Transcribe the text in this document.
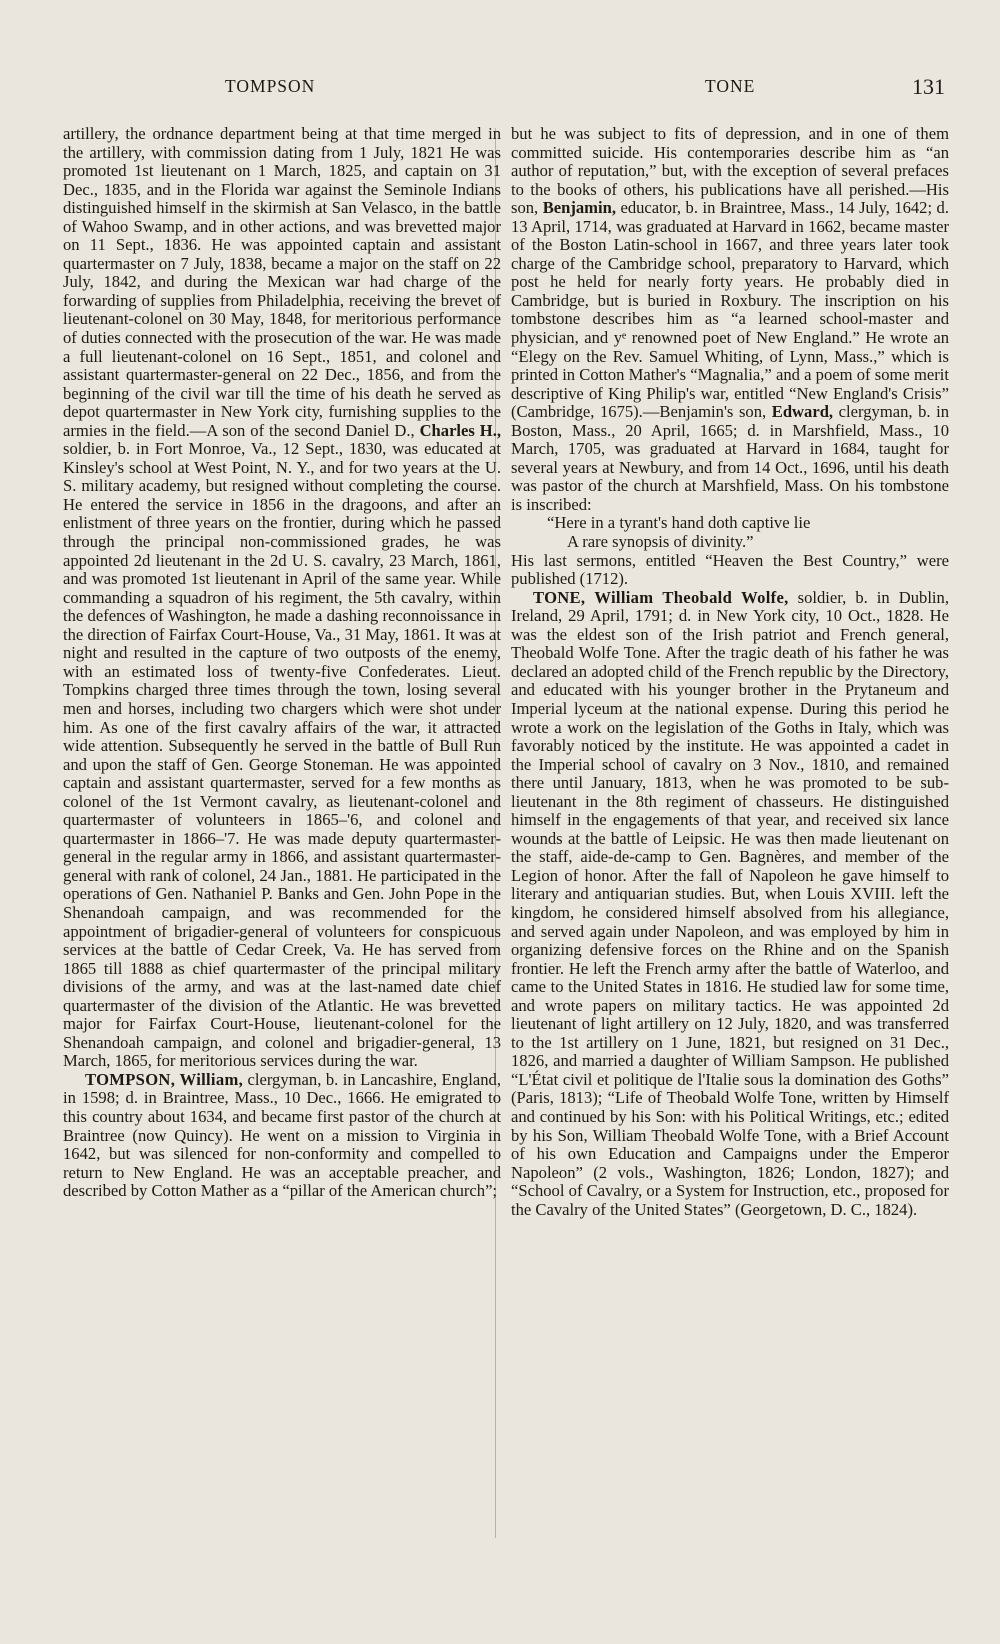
TOMPSON	TONE	131

artillery, the ordnance department being at that time merged in the artillery, with commission dating from 1 July, 1821 He was promoted 1st lieutenant on 1 March, 1825, and captain on 31 Dec., 1835, and in the Florida war against the Seminole Indians distinguished himself in the skirmish at San Velasco, in the battle of Wahoo Swamp, and in other actions, and was brevetted major on 11 Sept., 1836. He was appointed captain and assistant quartermaster on 7 July, 1838, became a major on the staff on 22 July, 1842, and during the Mexican war had charge of the forwarding of supplies from Philadelphia, receiving the brevet of lieutenant-colonel on 30 May, 1848, for meritorious performance of duties connected with the prosecution of the war. He was made a full lieutenant-colonel on 16 Sept., 1851, and colonel and assistant quartermaster-general on 22 Dec., 1856, and from the beginning of the civil war till the time of his death he served as depot quartermaster in New York city, furnishing supplies to the armies in the field.—A son of the second Daniel D., Charles H., soldier, b. in Fort Monroe, Va., 12 Sept., 1830, was educated at Kinsley's school at West Point, N. Y., and for two years at the U. S. military academy, but resigned without completing the course. He entered the service in 1856 in the dragoons, and after an enlistment of three years on the frontier, during which he passed through the principal non-commissioned grades, he was appointed 2d lieutenant in the 2d U. S. cavalry, 23 March, 1861, and was promoted 1st lieutenant in April of the same year. While commanding a squadron of his regiment, the 5th cavalry, within the defences of Washington, he made a dashing reconnoissance in the direction of Fairfax Court-House, Va., 31 May, 1861. It was at night and resulted in the capture of two outposts of the enemy, with an estimated loss of twenty-five Confederates. Lieut. Tompkins charged three times through the town, losing several men and horses, including two chargers which were shot under him. As one of the first cavalry affairs of the war, it attracted wide attention. Subsequently he served in the battle of Bull Run and upon the staff of Gen. George Stoneman. He was appointed captain and assistant quartermaster, served for a few months as colonel of the 1st Vermont cavalry, as lieutenant-colonel and quartermaster of volunteers in 1865–'6, and colonel and quartermaster in 1866–'7. He was made deputy quartermaster-general in the regular army in 1866, and assistant quartermaster-general with rank of colonel, 24 Jan., 1881. He participated in the operations of Gen. Nathaniel P. Banks and Gen. John Pope in the Shenandoah campaign, and was recommended for the appointment of brigadier-general of volunteers for conspicuous services at the battle of Cedar Creek, Va. He has served from 1865 till 1888 as chief quartermaster of the principal military divisions of the army, and was at the last-named date chief quartermaster of the division of the Atlantic. He was brevetted major for Fairfax Court-House, lieutenant-colonel for the Shenandoah campaign, and colonel and brigadier-general, 13 March, 1865, for meritorious services during the war.

TOMPSON, William, clergyman, b. in Lancashire, England, in 1598; d. in Braintree, Mass., 10 Dec., 1666. He emigrated to this country about 1634, and became first pastor of the church at Braintree (now Quincy). He went on a mission to Virginia in 1642, but was silenced for non-conformity and compelled to return to New England. He was an acceptable preacher, and described by Cotton Mather as a “pillar of the American church”;

but he was subject to fits of depression, and in one of them committed suicide. His contemporaries describe him as “an author of reputation,” but, with the exception of several prefaces to the books of others, his publications have all perished.—His son, Benjamin, educator, b. in Braintree, Mass., 14 July, 1642; d. 13 April, 1714, was graduated at Harvard in 1662, became master of the Boston Latin-school in 1667, and three years later took charge of the Cambridge school, preparatory to Harvard, which post he held for nearly forty years. He probably died in Cambridge, but is buried in Roxbury. The inscription on his tombstone describes him as “a learned school-master and physician, and yᵉ renowned poet of New England.” He wrote an “Elegy on the Rev. Samuel Whiting, of Lynn, Mass.,” which is printed in Cotton Mather's “Magnalia,” and a poem of some merit descriptive of King Philip's war, entitled “New England's Crisis” (Cambridge, 1675).—Benjamin's son, Edward, clergyman, b. in Boston, Mass., 20 April, 1665; d. in Marshfield, Mass., 10 March, 1705, was graduated at Harvard in 1684, taught for several years at Newbury, and from 14 Oct., 1696, until his death was pastor of the church at Marshfield, Mass. On his tombstone is inscribed:

“Here in a tyrant's hand doth captive lie

A rare synopsis of divinity.”

His last sermons, entitled “Heaven the Best Country,” were published (1712).

TONE, William Theobald Wolfe, soldier, b. in Dublin, Ireland, 29 April, 1791; d. in New York city, 10 Oct., 1828. He was the eldest son of the Irish patriot and French general, Theobald Wolfe Tone. After the tragic death of his father he was declared an adopted child of the French republic by the Directory, and educated with his younger brother in the Prytaneum and Imperial lyceum at the national expense. During this period he wrote a work on the legislation of the Goths in Italy, which was favorably noticed by the institute. He was appointed a cadet in the Imperial school of cavalry on 3 Nov., 1810, and remained there until January, 1813, when he was promoted to be sub-lieutenant in the 8th regiment of chasseurs. He distinguished himself in the engagements of that year, and received six lance wounds at the battle of Leipsic. He was then made lieutenant on the staff, aide-de-camp to Gen. Bagnères, and member of the Legion of honor. After the fall of Napoleon he gave himself to literary and antiquarian studies. But, when Louis XVIII. left the kingdom, he considered himself absolved from his allegiance, and served again under Napoleon, and was employed by him in organizing defensive forces on the Rhine and on the Spanish frontier. He left the French army after the battle of Waterloo, and came to the United States in 1816. He studied law for some time, and wrote papers on military tactics. He was appointed 2d lieutenant of light artillery on 12 July, 1820, and was transferred to the 1st artillery on 1 June, 1821, but resigned on 31 Dec., 1826, and married a daughter of William Sampson. He published “L'État civil et politique de l'Italie sous la domination des Goths” (Paris, 1813); “Life of Theobald Wolfe Tone, written by Himself and continued by his Son: with his Political Writings, etc.; edited by his Son, William Theobald Wolfe Tone, with a Brief Account of his own Education and Campaigns under the Emperor Napoleon” (2 vols., Washington, 1826; London, 1827); and “School of Cavalry, or a System for Instruction, etc., proposed for the Cavalry of the United States” (Georgetown, D. C., 1824).
